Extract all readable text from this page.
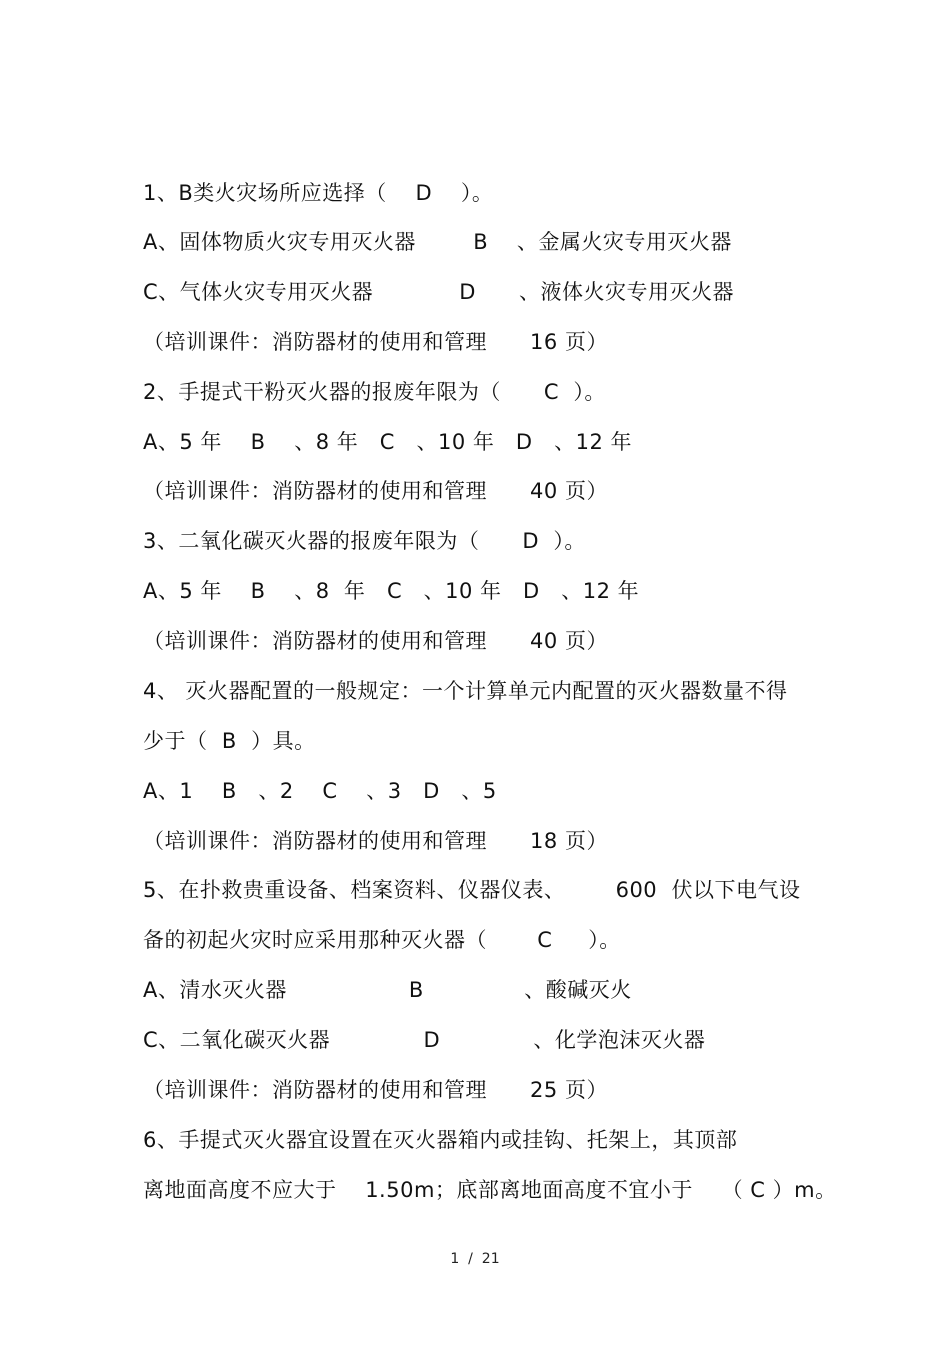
1、B类火灾场所应选择（    D    ）。
A、固体物质火灾专用灭火器        B    、金属火灾专用灭火器
C、气体火灾专用灭火器            D      、液体火灾专用灭火器
（培训课件：消防器材的使用和管理      16 页）
2、手提式干粉灭火器的报废年限为（      C  ）。
A、5 年    B    、8 年   C   、10 年   D   、12 年
（培训课件：消防器材的使用和管理      40 页）
3、二氧化碳灭火器的报废年限为（      D  ）。
A、5 年    B    、8  年   C   、10 年   D   、12 年
（培训课件：消防器材的使用和管理      40 页）
4、 灭火器配置的一般规定：一个计算单元内配置的灭火器数量不得
少于（  B  ）具。
A、1    B   、2    C    、3   D   、5
（培训课件：消防器材的使用和管理      18 页）
5、在扑救贵重设备、档案资料、仪器仪表、       600  伏以下电气设
备的初起火灾时应采用那种灭火器（       C     ）。
A、清水灭火器                 B              、酸碱灭火
C、二氧化碳灭火器             D             、化学泡沫灭火器
（培训课件：消防器材的使用和管理      25 页）
6、手提式灭火器宜设置在灭火器箱内或挂钩、托架上，其顶部
离地面高度不应大于    1.50m；底部离地面高度不宜小于    （ C ）m。
1  /  21
